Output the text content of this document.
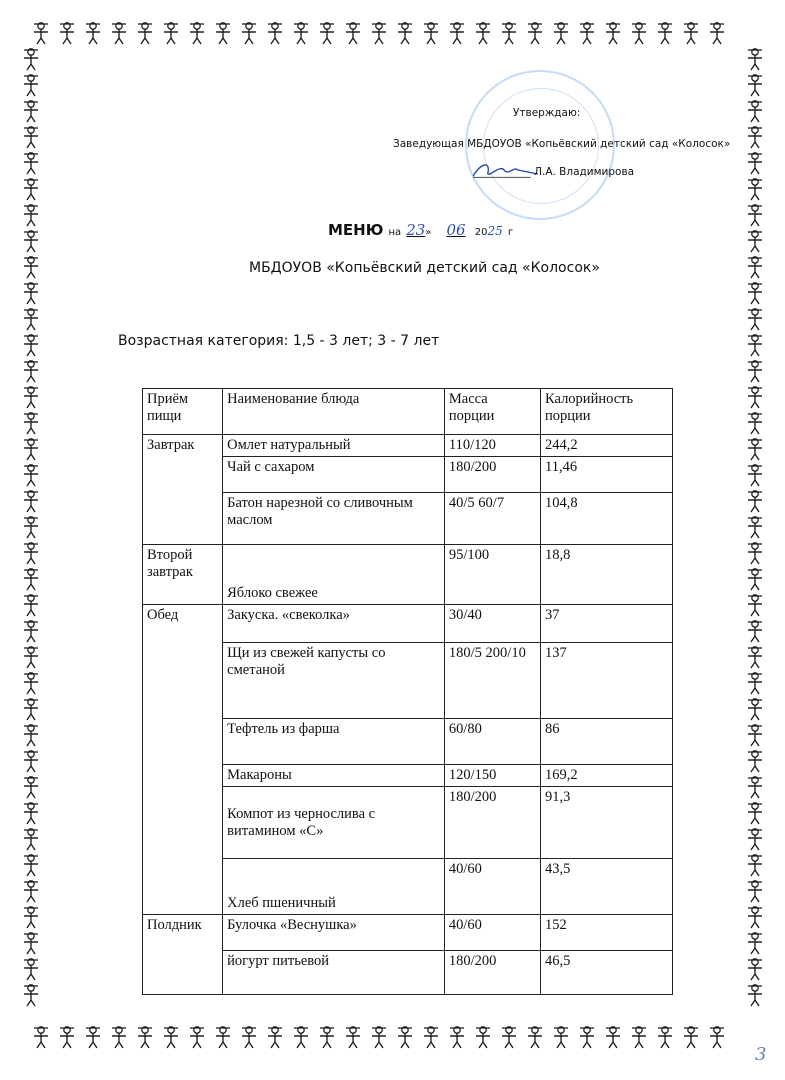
Утверждаю:
Заведующая МБДОУОВ «Копьёвский детский сад «Колосок»
___________ Л.А. Владимирова
МЕНЮ на 23» 06 2025 г
МБДОУОВ «Копьёвский детский сад «Колосок»
Возрастная категория: 1,5 - 3 лет; 3 - 7 лет
Приём пищи	Наименование блюда	Масса порции	Калорийность порции
Завтрак	Омлет натуральный	110/120	244,2
	Чай с сахаром	180/200	11,46
	Батон нарезной со сливочным маслом	40/5 60/7	104,8
Второй завтрак	Яблоко свежее	95/100	18,8
Обед	Закуска. «свеколка»	30/40	37
	Щи из свежей капусты со сметаной	180/5 200/10	137
	Тефтель из фарша	60/80	86
	Макароны	120/150	169,2
	Компот из чернослива с витамином «С»	180/200	91,3
	Хлеб пшеничный	40/60	43,5
Полдник	Булочка «Веснушка»	40/60	152
	йогурт питьевой	180/200	46,5
3
